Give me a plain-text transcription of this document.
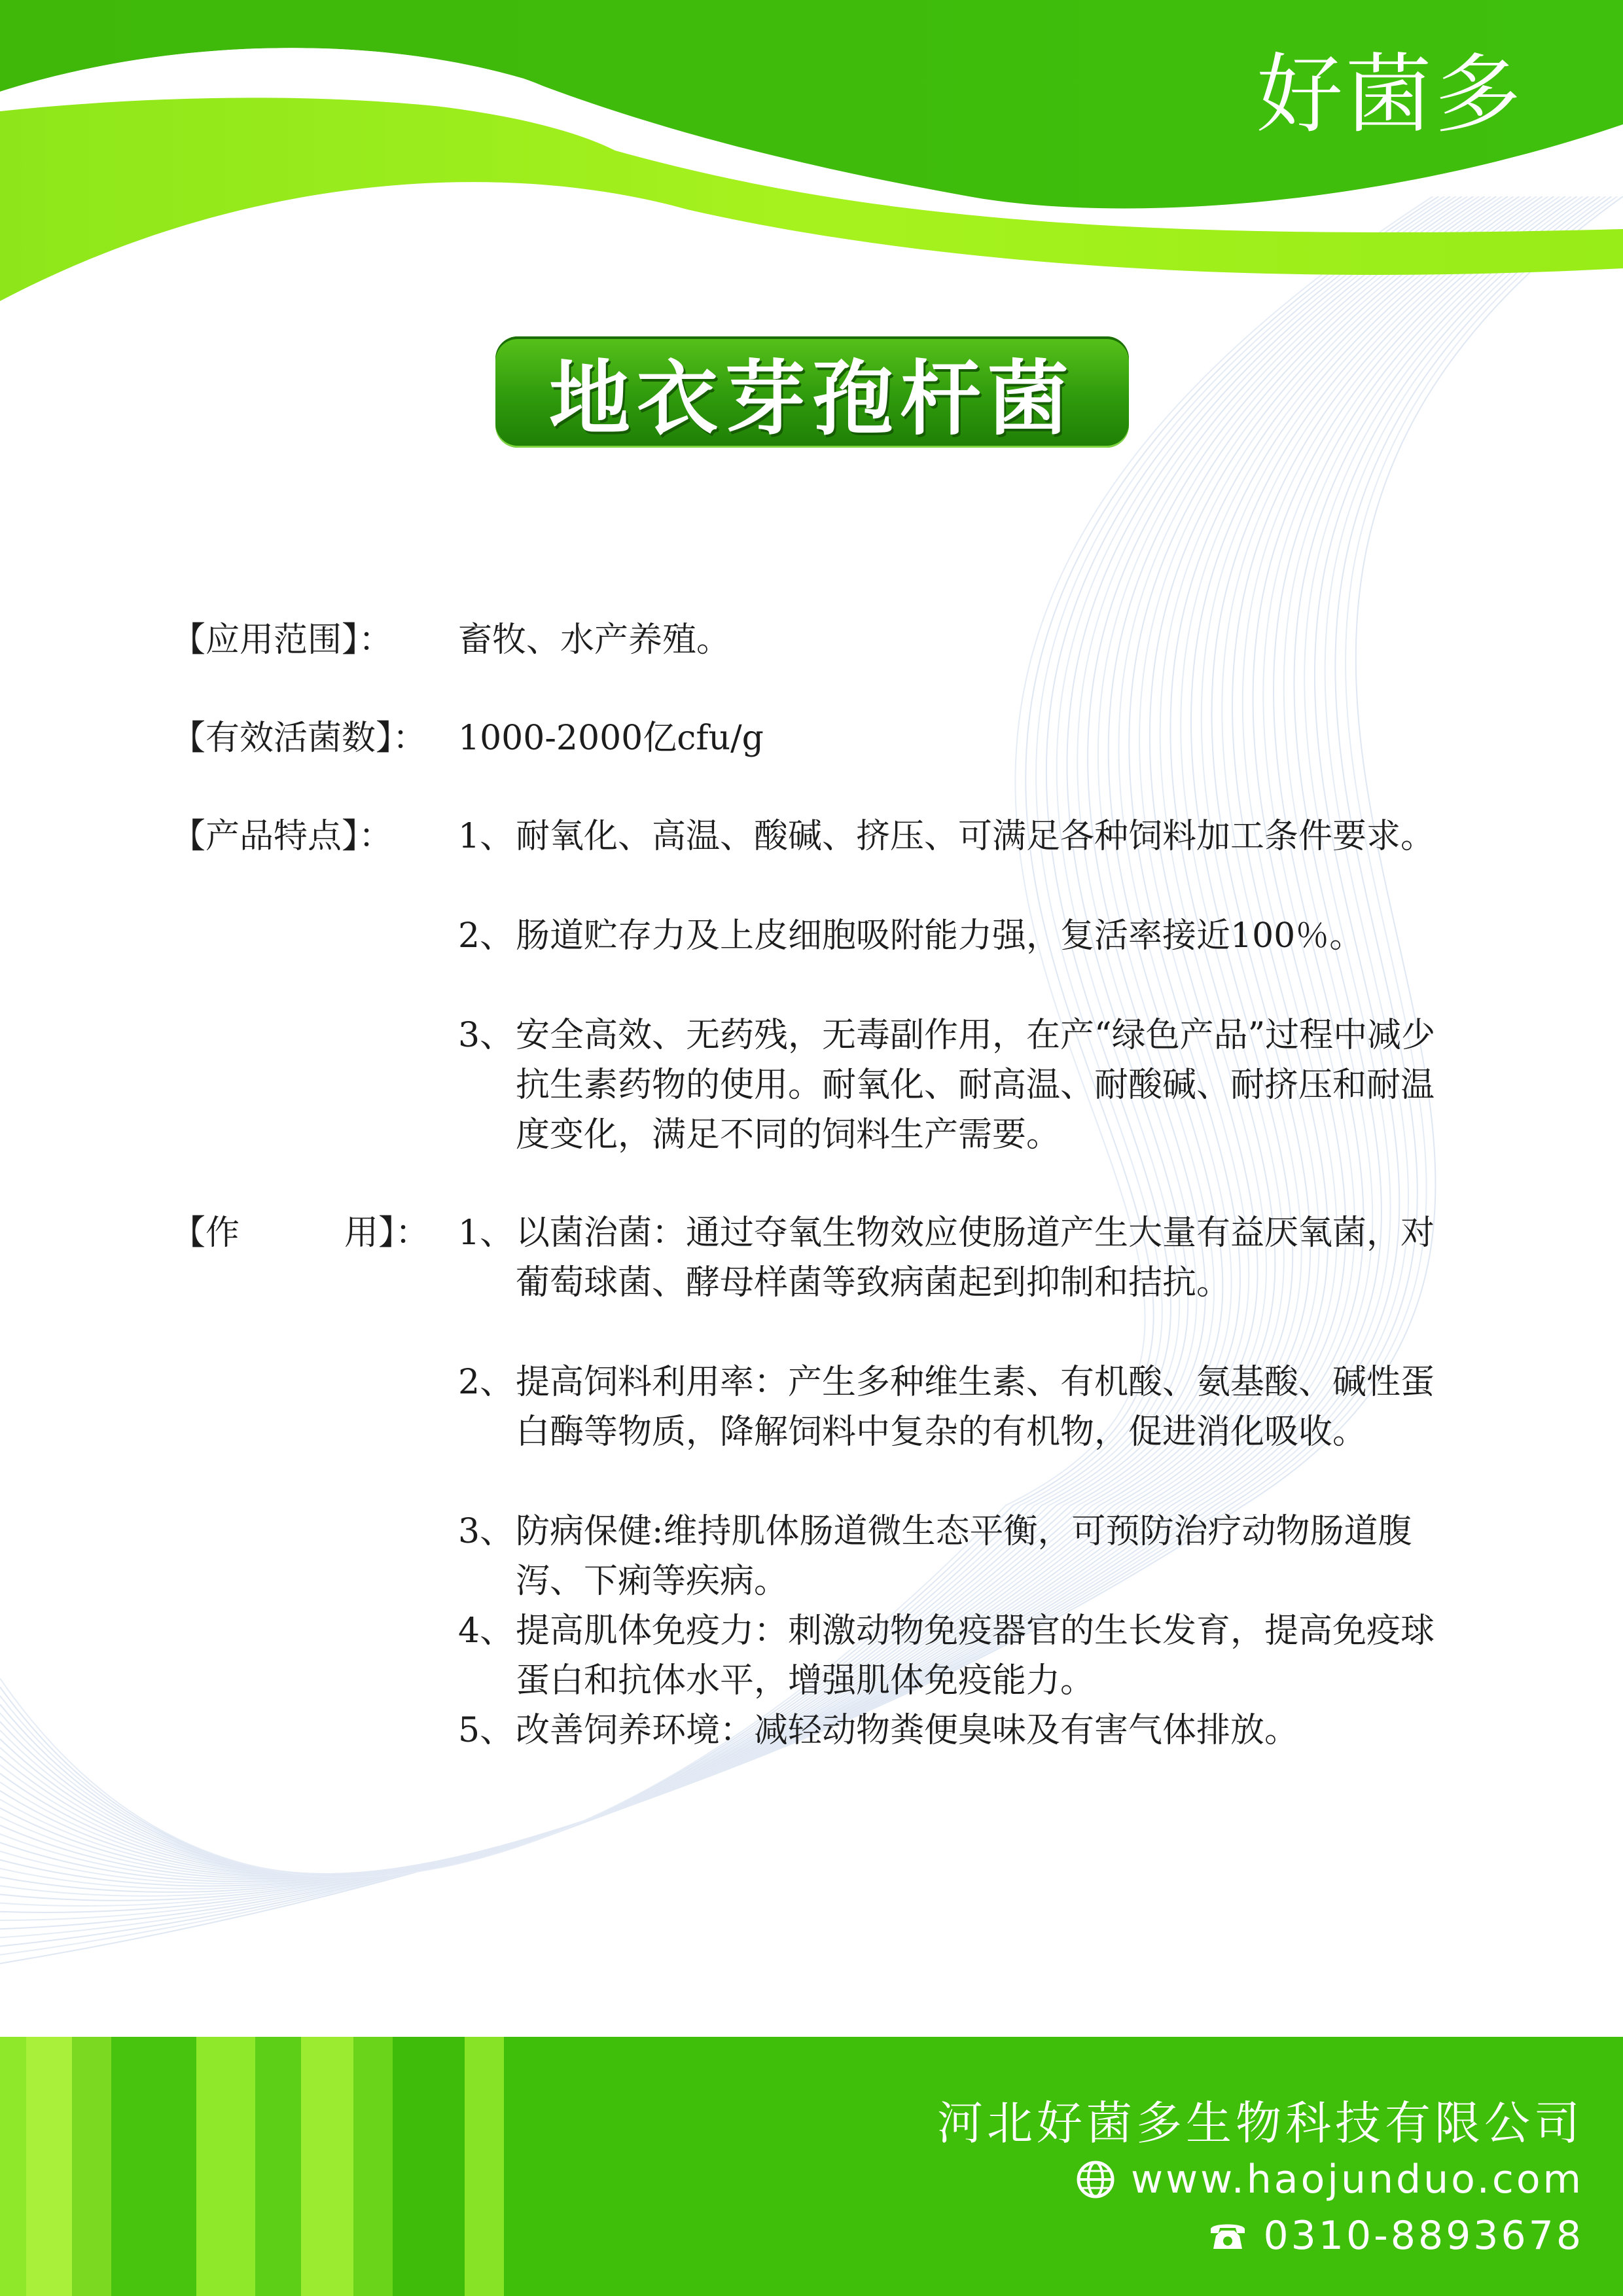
好菌多
地衣芽孢杆菌
【应用范围】：	畜牧、水产养殖。
【有效活菌数】： 1000-2000亿cfu/g
【产品特点】：	1、 耐氧化、高温、酸碱、挤压、可满足各种饲料加工条件要求。
2、 肠道贮存力及上皮细胞吸附能力强，复活率接近100％。
3、 安全高效、无药残，无毒副作用，在产“绿色产品”过程中减少抗生素药物的使用。耐氧化、耐高温、耐酸碱、耐挤压和耐温度变化，满足不同的饲料生产需要。
【作	用】： 1、 以菌治菌：通过夺氧生物效应使肠道产生大量有益厌氧菌，对葡萄球菌、酵母样菌等致病菌起到抑制和拮抗。
2、 提高饲料利用率：产生多种维生素、有机酸、氨基酸、碱性蛋白酶等物质，降解饲料中复杂的有机物，促进消化吸收。
3、 防病保健:维持肌体肠道微生态平衡，可预防治疗动物肠道腹泻、下痢等疾病。
4、 提高肌体免疫力：刺激动物免疫器官的生长发育，提高免疫球蛋白和抗体水平，增强肌体免疫能力。
5、 改善饲养环境：减轻动物粪便臭味及有害气体排放。
河北好菌多生物科技有限公司
www.haojunduo.com
0310-8893678
